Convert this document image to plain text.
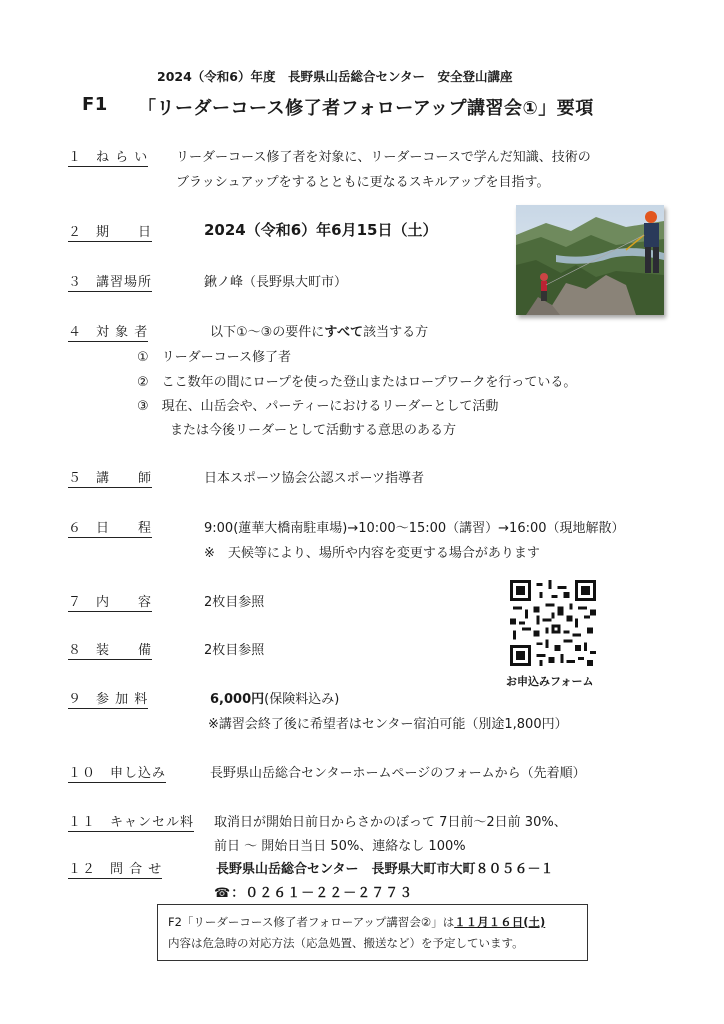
2024（令和6）年度　長野県山岳総合センター　安全登山講座
F1 「リーダーコース修了者フォローアップ講習会①」要項
１　ね ら い リーダーコース修了者を対象に、リーダーコースで学んだ知識、技術の
ブラッシュアップをするとともに更なるスキルアップを目指す。
２　期　　日	2024（令和6）年6月15日（土）
３　講習場所	鍬ノ峰（長野県大町市）
４　対 象 者	以下①～③の要件にすべて該当する方
①　リーダーコース修了者
②　ここ数年の間にロープを使った登山またはロープワークを行っている。
③　現在、山岳会や、パーティーにおけるリーダーとして活動
または今後リーダーとして活動する意思のある方
５　講　　師	日本スポーツ協会公認スポーツ指導者
６　日　　程	9:00(蓮華大橋南駐車場)→10:00～15:00（講習）→16:00（現地解散）
※　天候等により、場所や内容を変更する場合があります
お申込みフォーム
７　内　　容	2枚目参照
８　装　　備	2枚目参照
９　参 加 料	6,000円(保険料込み)
※講習会終了後に希望者はセンター宿泊可能（別途1,800円）
１０　申し込み	長野県山岳総合センターホームページのフォームから（先着順）
１１　キャンセル料 取消日が開始日前日からさかのぼって 7日前～2日前 30%、
前日 ～ 開始日当日 50%、連絡なし 100%
１２　問 合 せ	長野県山岳総合センター　長野県大町市大町８０５６－１
☎：０２６１－２２－２７７３
F2「リーダーコース修了者フォローアップ講習会②」は１１月１６日(土)
内容は危急時の対応方法（応急処置、搬送など）を予定しています。
